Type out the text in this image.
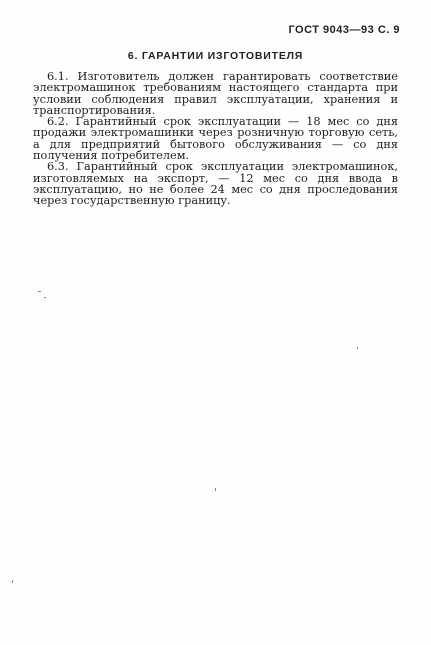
ГОСТ 9043—93 С. 9
6. ГАРАНТИИ ИЗГОТОВИТЕЛЯ

6.1. Изготовитель должен гарантировать соответствие электромашинок требованиям настоящего стандарта при условии соблюдения правил эксплуатации, хранения и транспортирования.

6.2. Гарантийный срок эксплуатации — 18 мес со дня продажи электромашинки через розничную торговую сеть, а для предприятий бытового обслуживания — со дня получения потребителем.

6.3. Гарантийный срок эксплуатации электромашинок, изготовляемых на экспорт, — 12 мес со дня ввода в эксплуатацию, но не более 24 мес со дня проследования через государственную границу.
